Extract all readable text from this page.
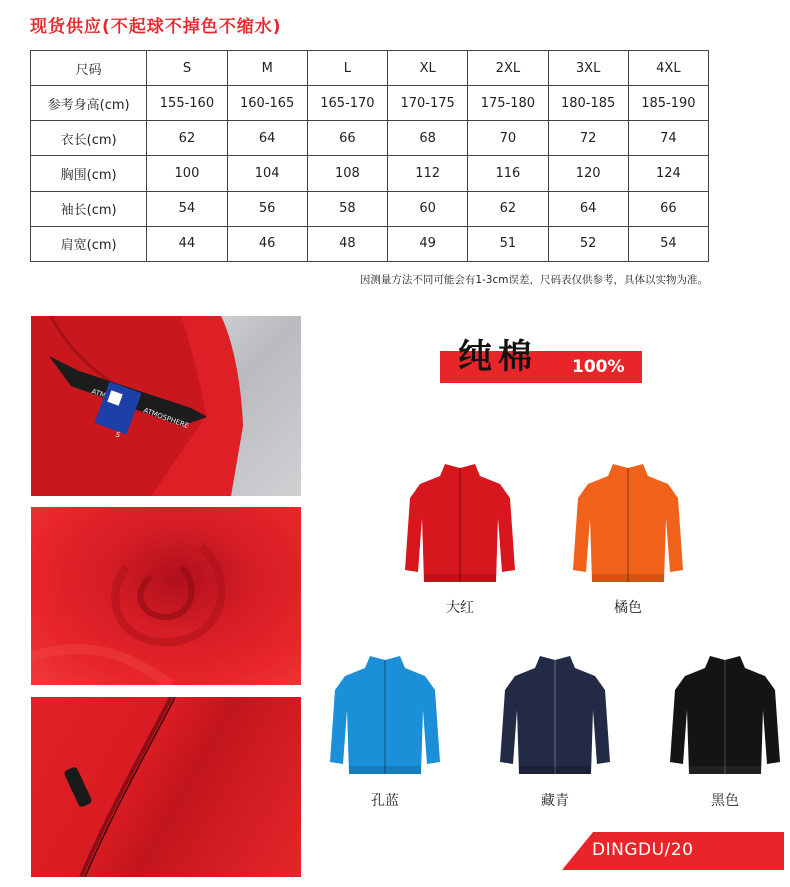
现货供应(不起球不掉色不缩水)
尺码	S	M	L	XL	2XL	3XL	4XL
参考身高(cm)	155-160	160-165	165-170	170-175	175-180	180-185	185-190
衣长(cm)	62	64	66	68	70	72	74
胸围(cm)	100	104	108	112	116	120	124
袖长(cm)	54	56	58	60	62	64	66
肩宽(cm)	44	46	48	49	51	52	54
因测量方法不同可能会有1-3cm误差，尺码表仅供参考，具体以实物为准。
ATMOSPHERE
S
纯棉 100%
大红	橘色
孔蓝	藏青	黑色
DINGDU/20
